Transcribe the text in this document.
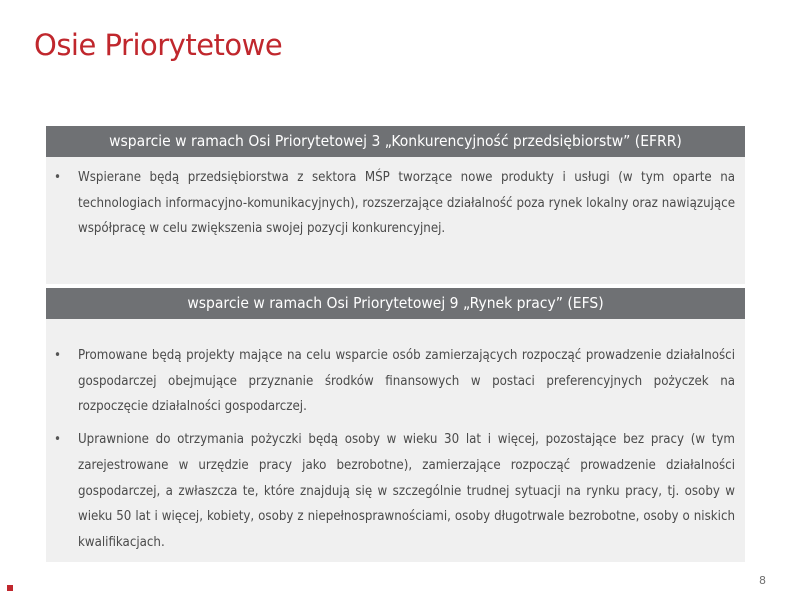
Osie Priorytetowe
wsparcie w ramach Osi Priorytetowej 3 „Konkurencyjność przedsiębiorstw” (EFRR)
• Wspierane będą przedsiębiorstwa z sektora MŚP tworzące nowe produkty i usługi (w tym oparte na technologiach informacyjno-komunikacyjnych), rozszerzające działalność poza rynek lokalny oraz nawiązujące współpracę w celu zwiększenia swojej pozycji konkurencyjnej.
wsparcie w ramach Osi Priorytetowej 9 „Rynek pracy” (EFS)
• Promowane będą projekty mające na celu wsparcie osób zamierzających rozpocząć prowadzenie działalności gospodarczej obejmujące przyznanie środków finansowych w postaci preferencyjnych pożyczek na rozpoczęcie działalności gospodarczej.
• Uprawnione do otrzymania pożyczki będą osoby w wieku 30 lat i więcej, pozostające bez pracy (w tym zarejestrowane w urzędzie pracy jako bezrobotne), zamierzające rozpocząć prowadzenie działalności gospodarczej, a zwłaszcza te, które znajdują się w szczególnie trudnej sytuacji na rynku pracy, tj. osoby w wieku 50 lat i więcej, kobiety, osoby z niepełnosprawnościami, osoby długotrwale bezrobotne, osoby o niskich kwalifikacjach.
8
